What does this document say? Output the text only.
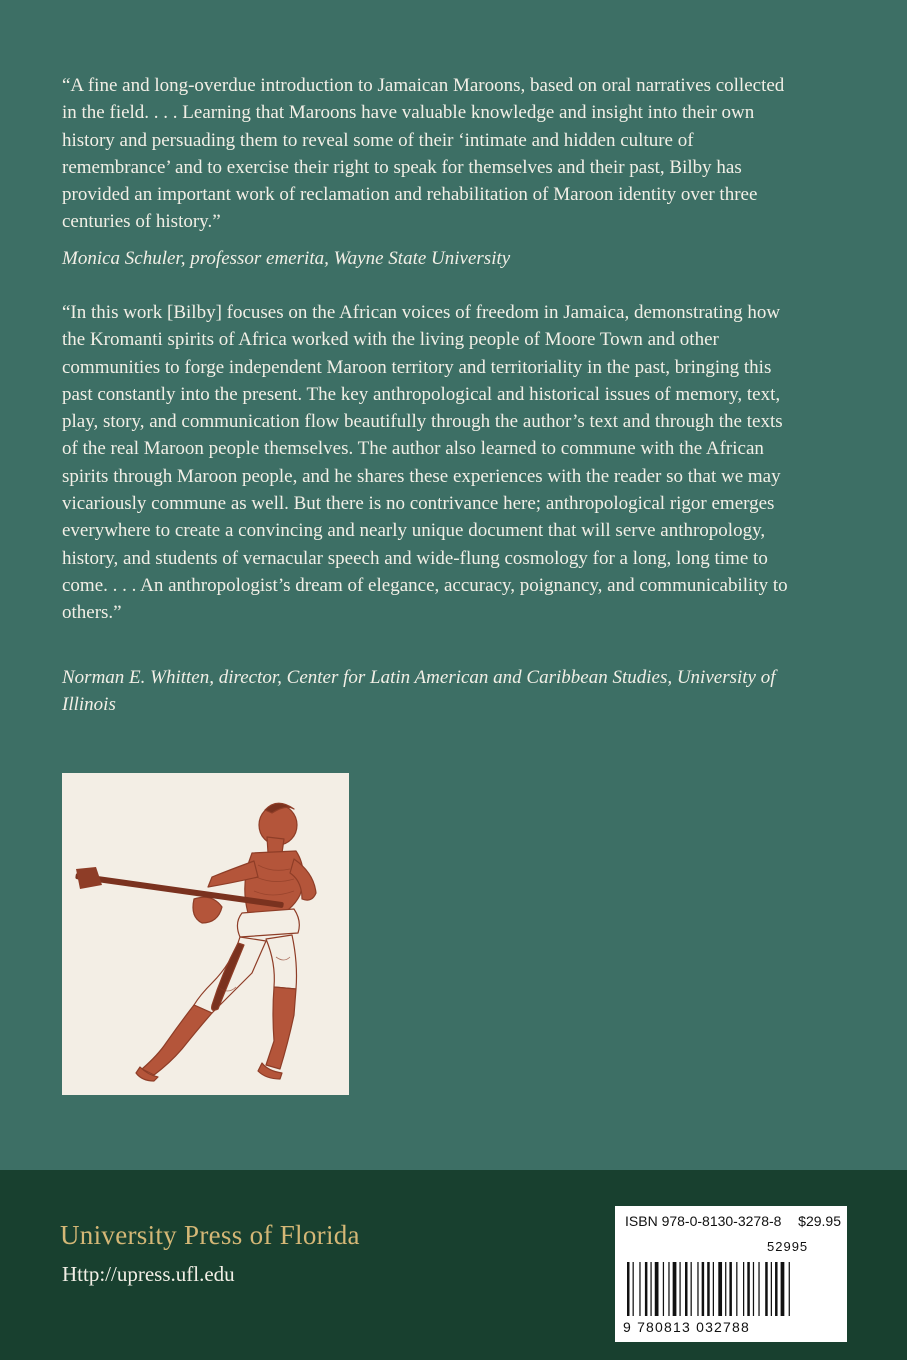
“A fine and long-overdue introduction to Jamaican Maroons, based on oral narratives collected in the field. . . . Learning that Maroons have valuable knowledge and insight into their own history and persuading them to reveal some of their ‘intimate and hidden culture of remembrance’ and to exercise their right to speak for themselves and their past, Bilby has provided an important work of reclamation and rehabilitation of Maroon identity over three centuries of history.”

Monica Schuler, professor emerita, Wayne State University

“In this work [Bilby] focuses on the African voices of freedom in Jamaica, demonstrating how the Kromanti spirits of Africa worked with the living people of Moore Town and other communities to forge independent Maroon territory and territoriality in the past, bringing this past constantly into the present. The key anthropological and historical issues of memory, text, play, story, and communication flow beautifully through the author’s text and through the texts of the real Maroon people themselves. The author also learned to commune with the African spirits through Maroon people, and he shares these experiences with the reader so that we may vicariously commune as well. But there is no contrivance here; anthropological rigor emerges everywhere to create a convincing and nearly unique document that will serve anthropology, history, and students of vernacular speech and wide-flung cosmology for a long, long time to come. . . . An anthropologist’s dream of elegance, accuracy, poignancy, and communicability to others.”

Norman E. Whitten, director, Center for Latin American and Caribbean Studies, University of Illinois

University Press of Florida
Http://upress.ufl.edu
ISBN 978-0-8130-3278-8 $29.95
52995
9 780813 032788
